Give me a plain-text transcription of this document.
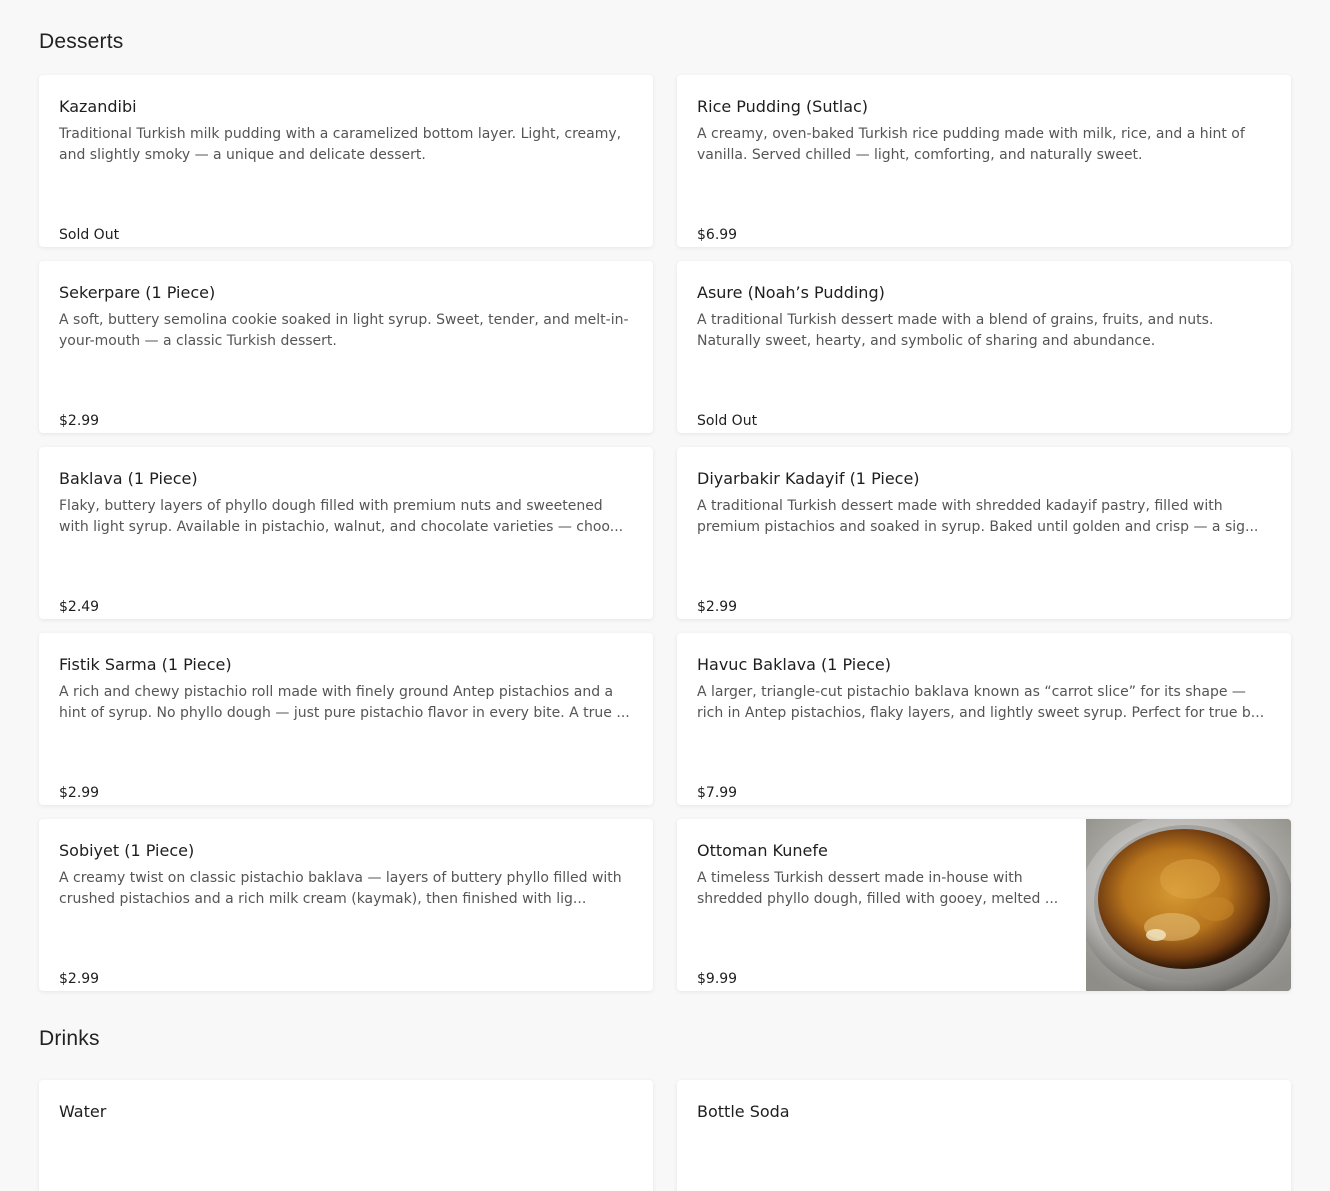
Desserts
Kazandibi
Traditional Turkish milk pudding with a caramelized bottom layer. Light, creamy, and slightly smoky — a unique and delicate dessert.
Sold Out
Rice Pudding (Sutlac)
A creamy, oven-baked Turkish rice pudding made with milk, rice, and a hint of vanilla. Served chilled — light, comforting, and naturally sweet.
$6.99
Sekerpare (1 Piece)
A soft, buttery semolina cookie soaked in light syrup. Sweet, tender, and melt-in-your-mouth — a classic Turkish dessert.
$2.99
Asure (Noah’s Pudding)
A traditional Turkish dessert made with a blend of grains, fruits, and nuts. Naturally sweet, hearty, and symbolic of sharing and abundance.
Sold Out
Baklava (1 Piece)
Flaky, buttery layers of phyllo dough filled with premium nuts and sweetened with light syrup. Available in pistachio, walnut, and chocolate varieties — choo...
$2.49
Diyarbakir Kadayif (1 Piece)
A traditional Turkish dessert made with shredded kadayif pastry, filled with premium pistachios and soaked in syrup. Baked until golden and crisp — a sig...
$2.99
Fistik Sarma (1 Piece)
A rich and chewy pistachio roll made with finely ground Antep pistachios and a hint of syrup. No phyllo dough — just pure pistachio flavor in every bite. A true ...
$2.99
Havuc Baklava (1 Piece)
A larger, triangle-cut pistachio baklava known as “carrot slice” for its shape — rich in Antep pistachios, flaky layers, and lightly sweet syrup. Perfect for true b...
$7.99
Sobiyet (1 Piece)
A creamy twist on classic pistachio baklava — layers of buttery phyllo filled with crushed pistachios and a rich milk cream (kaymak), then finished with lig...
$2.99
Ottoman Kunefe
A timeless Turkish dessert made in-house with shredded phyllo dough, filled with gooey, melted ...
$9.99
Drinks
Water	Bottle Soda
